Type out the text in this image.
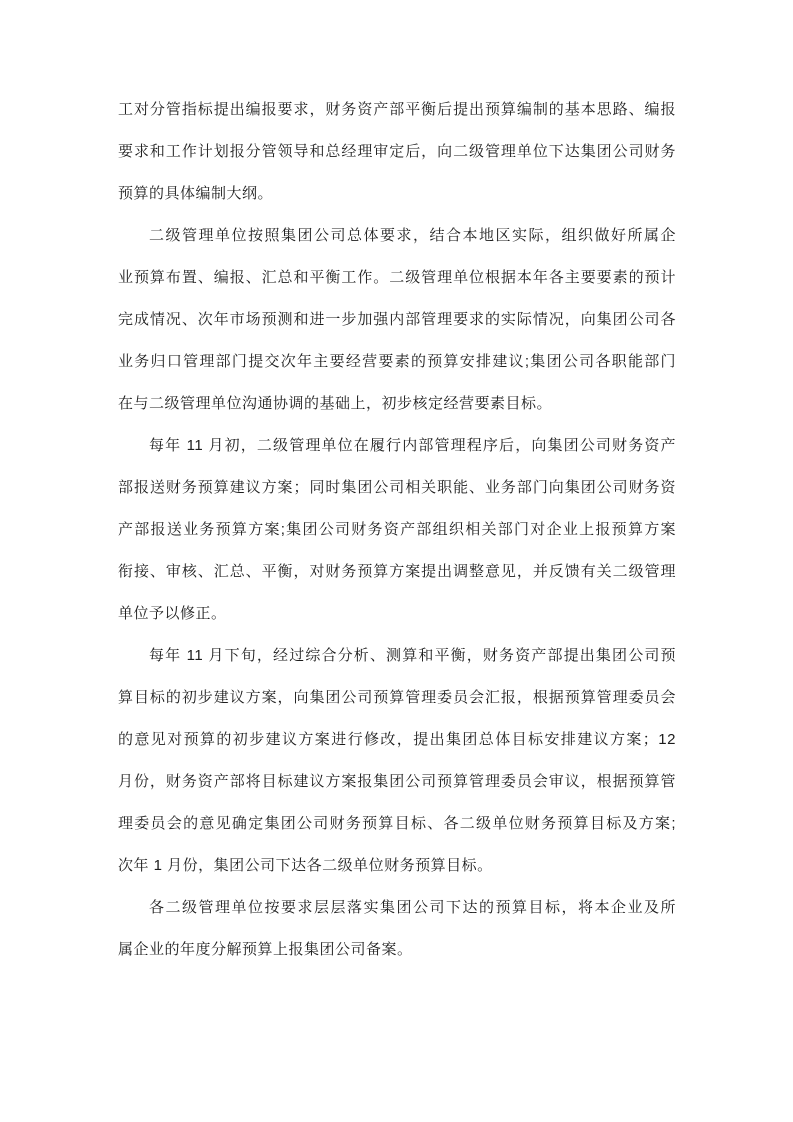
工对分管指标提出编报要求，财务资产部平衡后提出预算编制的基本思路、编报
要求和工作计划报分管领导和总经理审定后，向二级管理单位下达集团公司财务
预算的具体编制大纲。
二级管理单位按照集团公司总体要求，结合本地区实际，组织做好所属企
业预算布置、编报、汇总和平衡工作。二级管理单位根据本年各主要要素的预计
完成情况、次年市场预测和进一步加强内部管理要求的实际情况，向集团公司各
业务归口管理部门提交次年主要经营要素的预算安排建议;集团公司各职能部门
在与二级管理单位沟通协调的基础上，初步核定经营要素目标。
每年 11 月初，二级管理单位在履行内部管理程序后，向集团公司财务资产
部报送财务预算建议方案；同时集团公司相关职能、业务部门向集团公司财务资
产部报送业务预算方案;集团公司财务资产部组织相关部门对企业上报预算方案
衔接、审核、汇总、平衡，对财务预算方案提出调整意见，并反馈有关二级管理
单位予以修正。
每年 11 月下旬，经过综合分析、测算和平衡，财务资产部提出集团公司预
算目标的初步建议方案，向集团公司预算管理委员会汇报，根据预算管理委员会
的意见对预算的初步建议方案进行修改，提出集团总体目标安排建议方案；12
月份，财务资产部将目标建议方案报集团公司预算管理委员会审议，根据预算管
理委员会的意见确定集团公司财务预算目标、各二级单位财务预算目标及方案;
次年 1 月份，集团公司下达各二级单位财务预算目标。
各二级管理单位按要求层层落实集团公司下达的预算目标，将本企业及所
属企业的年度分解预算上报集团公司备案。
